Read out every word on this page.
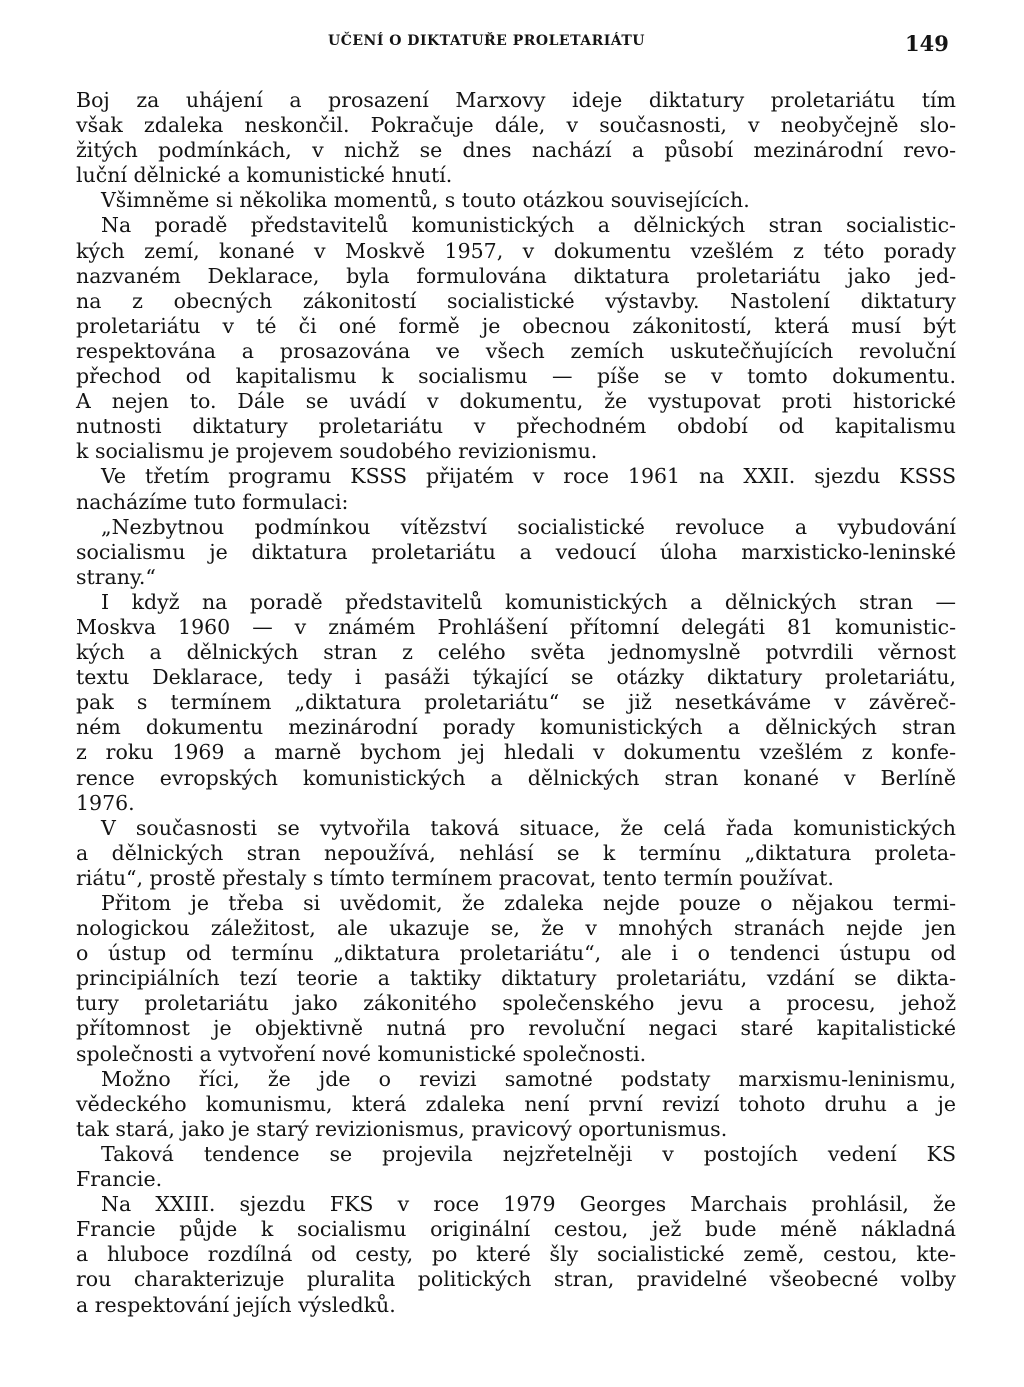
UČENÍ O DIKTATUŘE PROLETARIÁTU	149
Boj za uhájení a prosazení Marxovy ideje diktatury proletariátu tím
však zdaleka neskončil. Pokračuje dále, v současnosti, v neobyčejně slo-
žitých podmínkách, v nichž se dnes nachází a působí mezinárodní revo-
luční dělnické a komunistické hnutí.
Všimněme si několika momentů, s touto otázkou souvisejících.
Na poradě představitelů komunistických a dělnických stran socialistic-
kých zemí, konané v Moskvě 1957, v dokumentu vzešlém z této porady
nazvaném Deklarace, byla formulována diktatura proletariátu jako jed-
na z obecných zákonitostí socialistické výstavby. Nastolení diktatury
proletariátu v té či oné formě je obecnou zákonitostí, která musí být
respektována a prosazována ve všech zemích uskutečňujících revoluční
přechod od kapitalismu k socialismu — píše se v tomto dokumentu.
A nejen to. Dále se uvádí v dokumentu, že vystupovat proti historické
nutnosti diktatury proletariátu v přechodném období od kapitalismu
k socialismu je projevem soudobého revizionismu.
Ve třetím programu KSSS přijatém v roce 1961 na XXII. sjezdu KSSS
nacházíme tuto formulaci:
„Nezbytnou podmínkou vítězství socialistické revoluce a vybudování
socialismu je diktatura proletariátu a vedoucí úloha marxisticko-leninské
strany.“
I když na poradě představitelů komunistických a dělnických stran —
Moskva 1960 — v známém Prohlášení přítomní delegáti 81 komunistic-
kých a dělnických stran z celého světa jednomyslně potvrdili věrnost
textu Deklarace, tedy i pasáži týkající se otázky diktatury proletariátu,
pak s termínem „diktatura proletariátu“ se již nesetkáváme v závěreč-
ném dokumentu mezinárodní porady komunistických a dělnických stran
z roku 1969 a marně bychom jej hledali v dokumentu vzešlém z konfe-
rence evropských komunistických a dělnických stran konané v Berlíně
1976.
V současnosti se vytvořila taková situace, že celá řada komunistických
a dělnických stran nepoužívá, nehlásí se k termínu „diktatura proleta-
riátu“, prostě přestaly s tímto termínem pracovat, tento termín používat.
Přitom je třeba si uvědomit, že zdaleka nejde pouze o nějakou termi-
nologickou záležitost, ale ukazuje se, že v mnohých stranách nejde jen
o ústup od termínu „diktatura proletariátu“, ale i o tendenci ústupu od
principiálních tezí teorie a taktiky diktatury proletariátu, vzdání se dikta-
tury proletariátu jako zákonitého společenského jevu a procesu, jehož
přítomnost je objektivně nutná pro revoluční negaci staré kapitalistické
společnosti a vytvoření nové komunistické společnosti.
Možno říci, že jde o revizi samotné podstaty marxismu-leninismu,
vědeckého komunismu, která zdaleka není první revizí tohoto druhu a je
tak stará, jako je starý revizionismus, pravicový oportunismus.
Taková tendence se projevila nejzřetelněji v postojích vedení KS
Francie.
Na XXIII. sjezdu FKS v roce 1979 Georges Marchais prohlásil, že
Francie půjde k socialismu originální cestou, jež bude méně nákladná
a hluboce rozdílná od cesty, po které šly socialistické země, cestou, kte-
rou charakterizuje pluralita politických stran, pravidelné všeobecné volby
a respektování jejích výsledků.
